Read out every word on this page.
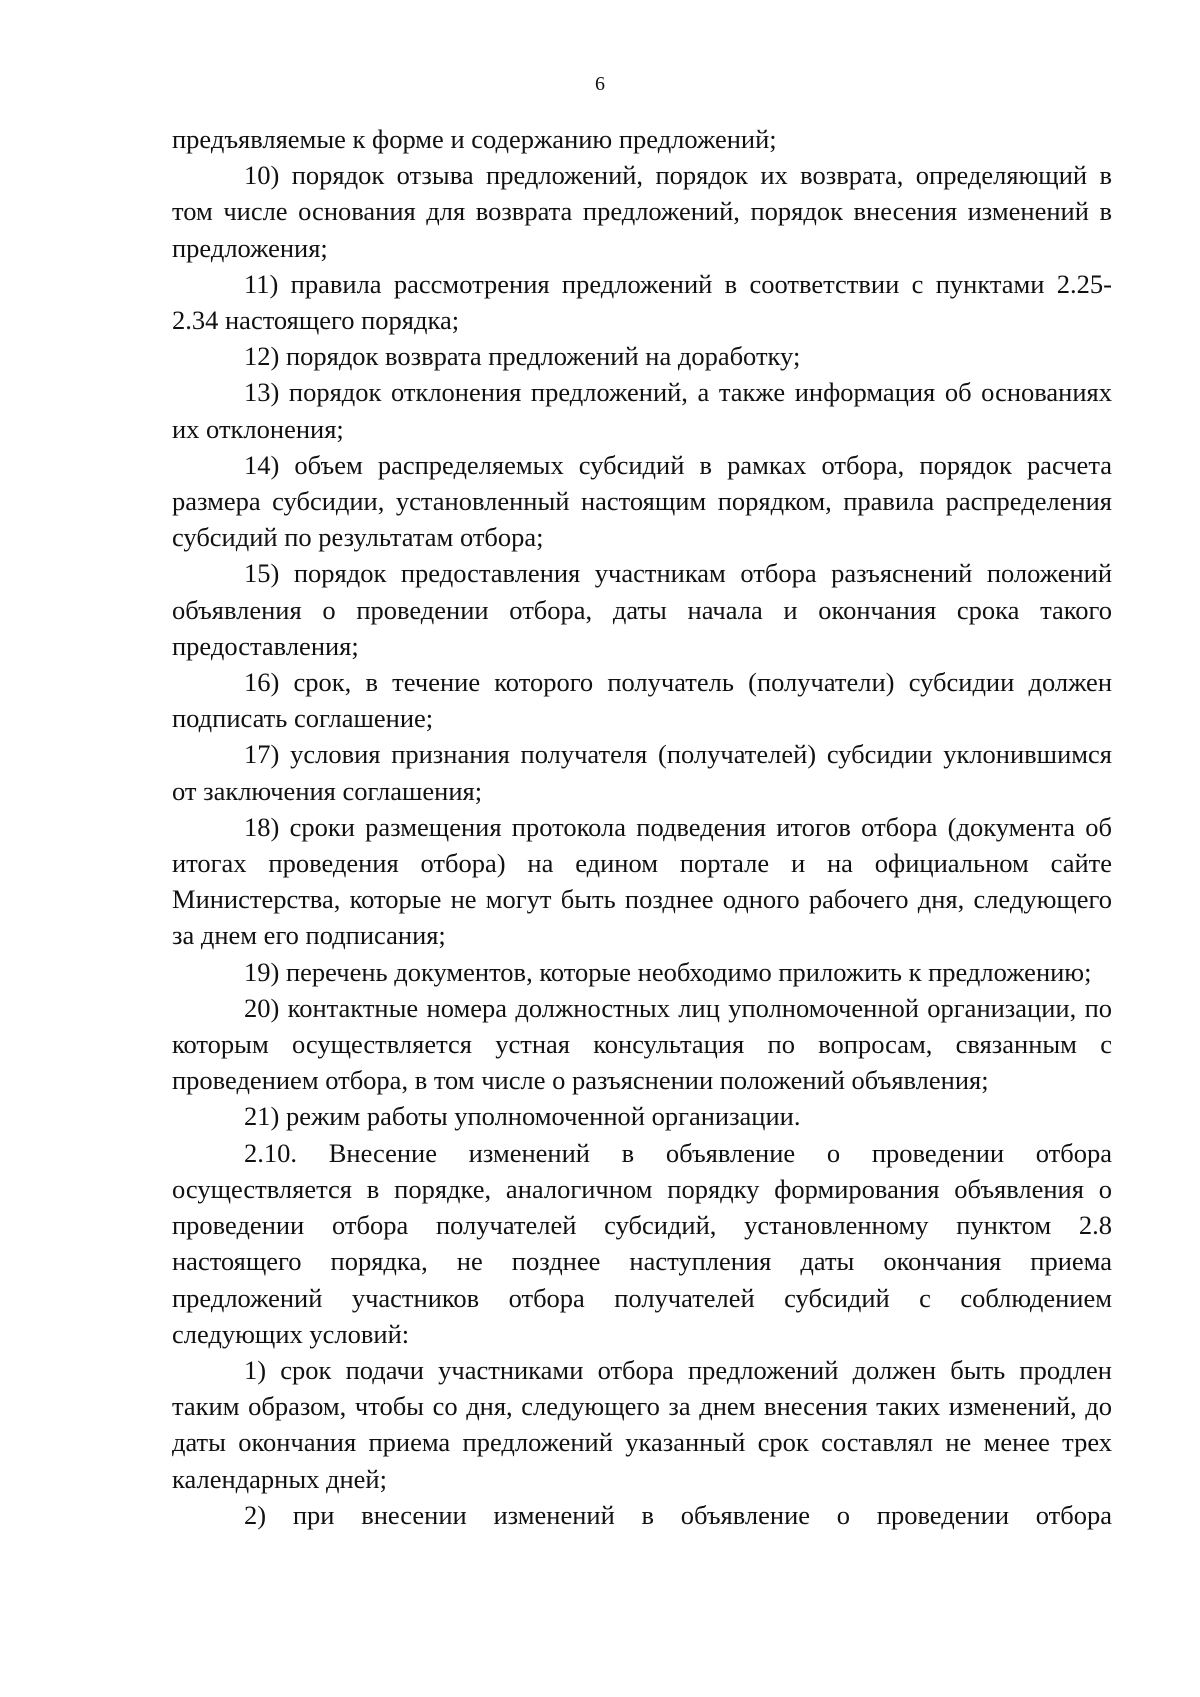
6

предъявляемые к форме и содержанию предложений;

10) порядок отзыва предложений, порядок их возврата, определяющий в том числе основания для возврата предложений, порядок внесения изменений в предложения;

11) правила рассмотрения предложений в соответствии с пунктами 2.25-2.34 настоящего порядка;

12) порядок возврата предложений на доработку;

13) порядок отклонения предложений, а также информация об основаниях их отклонения;

14) объем распределяемых субсидий в рамках отбора, порядок расчета размера субсидии, установленный настоящим порядком, правила распределения субсидий по результатам отбора;

15) порядок предоставления участникам отбора разъяснений положений объявления о проведении отбора, даты начала и окончания срока такого предоставления;

16) срок, в течение которого получатель (получатели) субсидии должен подписать соглашение;

17) условия признания получателя (получателей) субсидии уклонившимся от заключения соглашения;

18) сроки размещения протокола подведения итогов отбора (документа об итогах проведения отбора) на едином портале и на официальном сайте Министерства, которые не могут быть позднее одного рабочего дня, следующего за днем его подписания;

19) перечень документов, которые необходимо приложить к предложению;

20) контактные номера должностных лиц уполномоченной организации, по которым осуществляется устная консультация по вопросам, связанным с проведением отбора, в том числе о разъяснении положений объявления;

21) режим работы уполномоченной организации.

2.10. Внесение изменений в объявление о проведении отбора осуществляется в порядке, аналогичном порядку формирования объявления о проведении отбора получателей субсидий, установленному пунктом 2.8 настоящего порядка, не позднее наступления даты окончания приема предложений участников отбора получателей субсидий с соблюдением следующих условий:

1) срок подачи участниками отбора предложений должен быть продлен таким образом, чтобы со дня, следующего за днем внесения таких изменений, до даты окончания приема предложений указанный срок составлял не менее трех календарных дней;

2) при внесении изменений в объявление о проведении отбора
